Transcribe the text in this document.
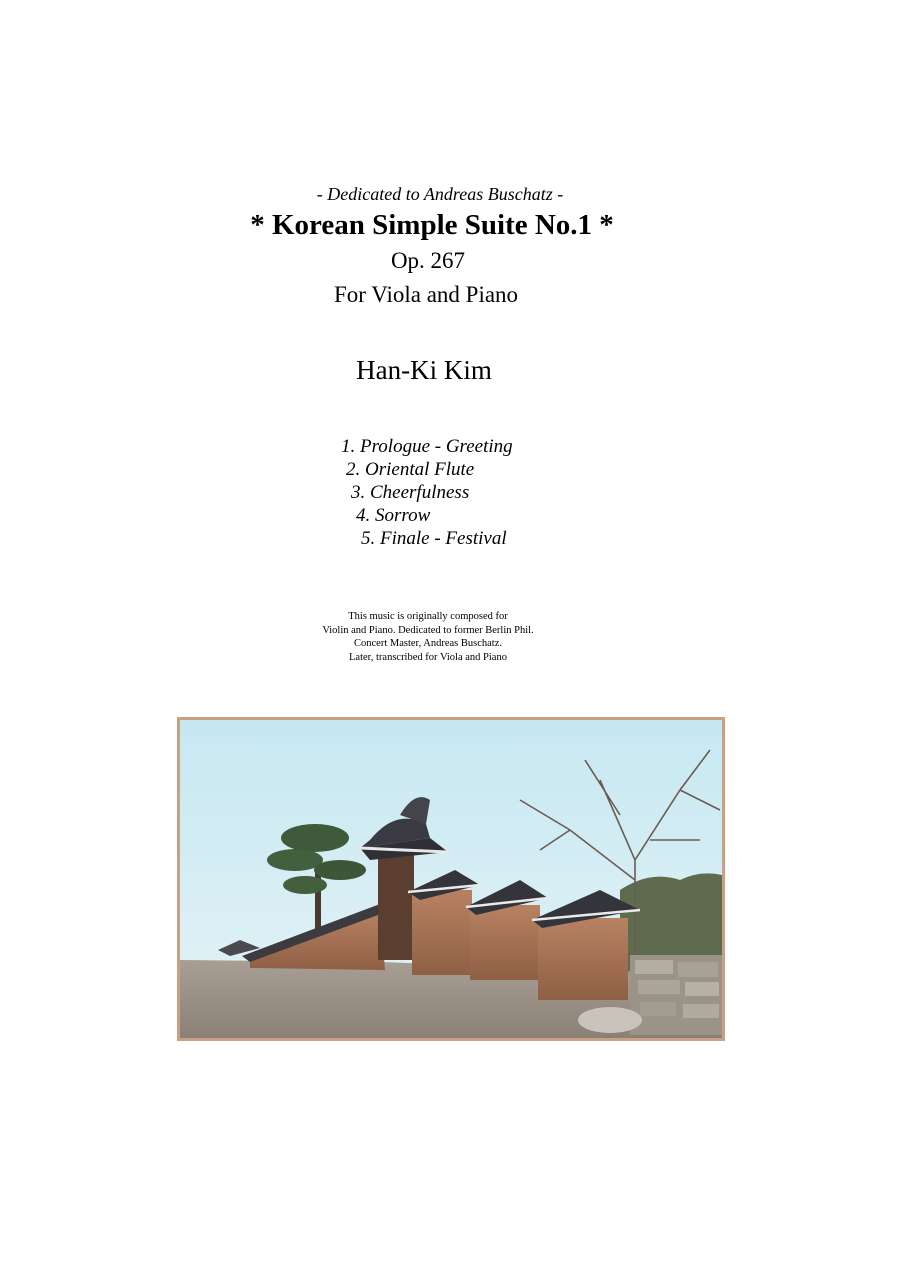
- Dedicated to Andreas Buschatz -
* Korean Simple Suite No.1 *
Op. 267
For Viola and Piano
Han-Ki Kim
1. Prologue - Greeting
2. Oriental Flute
3. Cheerfulness
4. Sorrow
5. Finale - Festival
This music is originally composed for
Violin and Piano. Dedicated to former Berlin Phil.
Concert Master, Andreas Buschatz.
Later, transcribed for Viola and Piano
